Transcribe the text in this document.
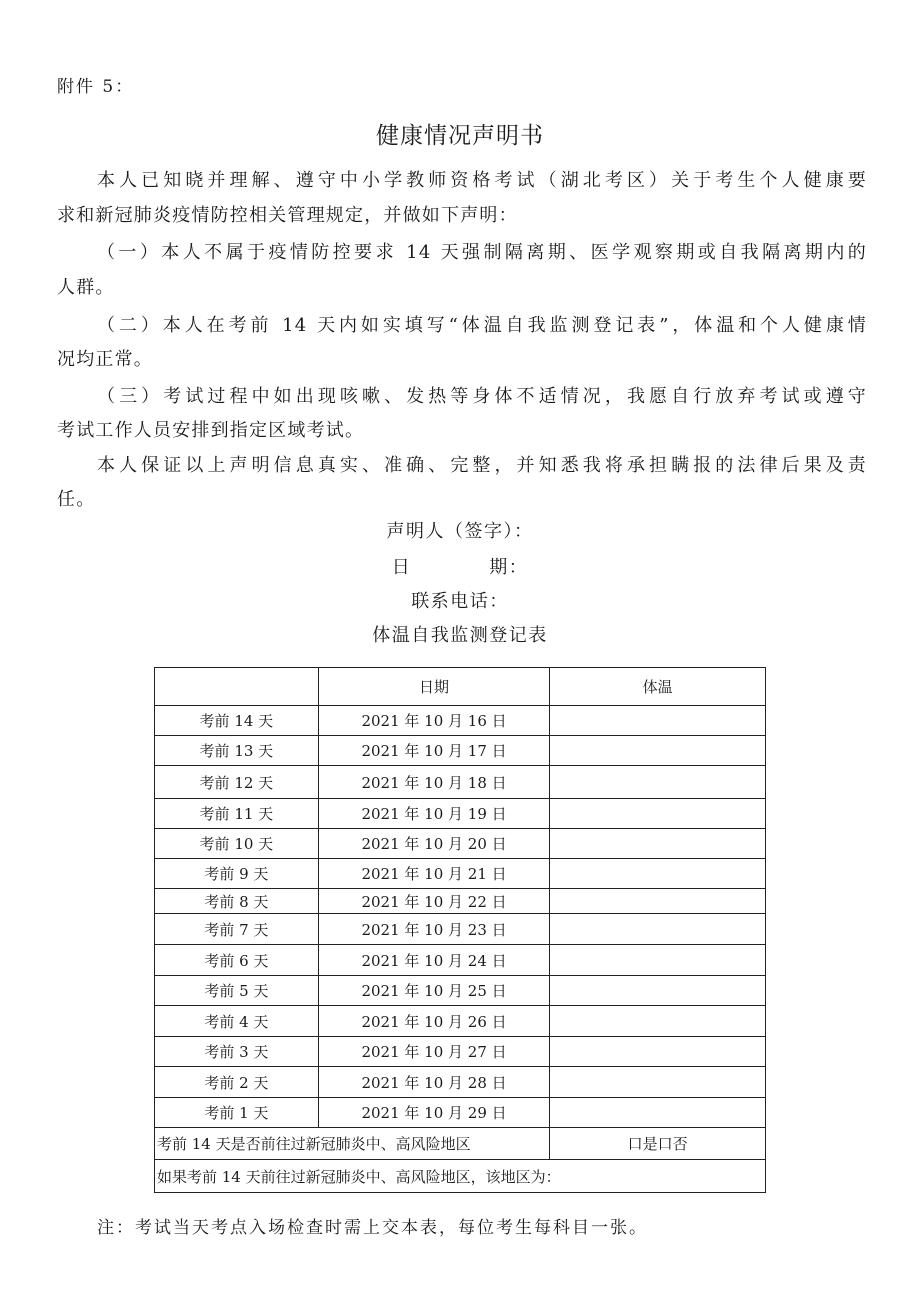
附件 5：
健康情况声明书
本人已知晓并理解、遵守中小学教师资格考试（湖北考区）关于考生个人健康要
求和新冠肺炎疫情防控相关管理规定，并做如下声明：
（一）本人不属于疫情防控要求 14 天强制隔离期、医学观察期或自我隔离期内的
人群。
（二）本人在考前 14 天内如实填写“体温自我监测登记表”，体温和个人健康情
况均正常。
（三）考试过程中如出现咳嗽、发热等身体不适情况，我愿自行放弃考试或遵守
考试工作人员安排到指定区域考试。
本人保证以上声明信息真实、准确、完整，并知悉我将承担瞒报的法律后果及责
任。
声明人（签字）：
日　　　　期：
联系电话：
体温自我监测登记表
	日期	体温
考前 14 天	2021 年 10 月 16 日	
考前 13 天	2021 年 10 月 17 日	
考前 12 天	2021 年 10 月 18 日	
考前 11 天	2021 年 10 月 19 日	
考前 10 天	2021 年 10 月 20 日	
考前 9 天	2021 年 10 月 21 日	
考前 8 天	2021 年 10 月 22 日	
考前 7 天	2021 年 10 月 23 日	
考前 6 天	2021 年 10 月 24 日	
考前 5 天	2021 年 10 月 25 日	
考前 4 天	2021 年 10 月 26 日	
考前 3 天	2021 年 10 月 27 日	
考前 2 天	2021 年 10 月 28 日	
考前 1 天	2021 年 10 月 29 日	
考前 14 天是否前往过新冠肺炎中、高风险地区		口是口否
如果考前 14 天前往过新冠肺炎中、高风险地区，该地区为：		
注：考试当天考点入场检查时需上交本表，每位考生每科目一张。
